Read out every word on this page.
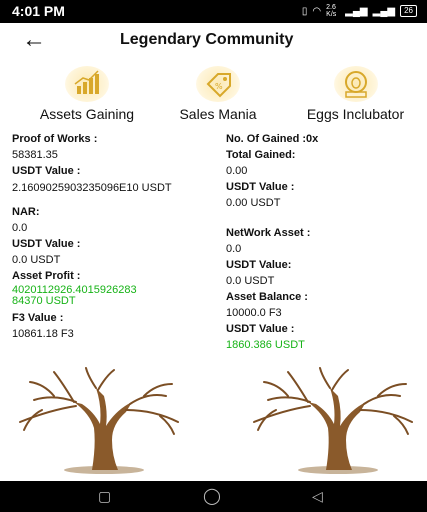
4:01 PM	▯ ◠ 2.6 K/s ▂▄▆ ▂▄▆	26
←	Legendary Community
Assets Gaining
%
Sales Mania	Eggs Inclubator
Proof of Works :
58381.35
USDT Value :
2.1609025903235096E10 USDT
NAR:
0.0
USDT Value :
0.0 USDT
Asset Profit :
4020112926.401592628384370 USDT
F3 Value :
10861.18 F3
No. Of Gained :0x
Total Gained:
0.00
USDT Value :
0.00 USDT
NetWork Asset :
0.0
USDT Value:
0.0 USDT
Asset Balance :
10000.0 F3
USDT Value :
1860.386 USDT
▢	◯	◁
